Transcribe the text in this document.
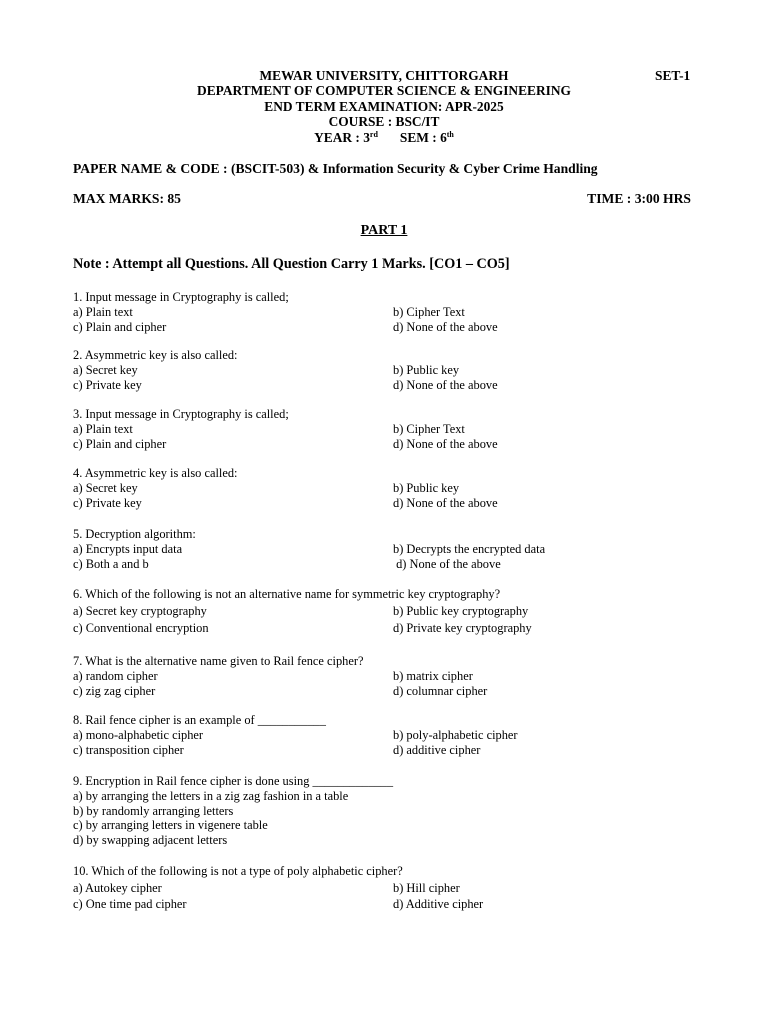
MEWAR UNIVERSITY, CHITTORGARH
DEPARTMENT OF COMPUTER SCIENCE & ENGINEERING
END TERM EXAMINATION: APR-2025
COURSE : BSC/IT
YEAR : 3rd SEM : 6th
SET-1
PAPER NAME & CODE : (BSCIT-503) & Information Security & Cyber Crime Handling
MAX MARKS: 85	TIME : 3:00 HRS
PART 1
Note : Attempt all Questions. All Question Carry 1 Marks. [CO1 – CO5]
1. Input message in Cryptography is called;
a) Plain text	b) Cipher Text
c) Plain and cipher	d) None of the above
2. Asymmetric key is also called:
a) Secret key	b) Public key
c) Private key	d) None of the above
3. Input message in Cryptography is called;
a) Plain text	b) Cipher Text
c) Plain and cipher	d) None of the above
4. Asymmetric key is also called:
a) Secret key	b) Public key
c) Private key	d) None of the above
5. Decryption algorithm:
a) Encrypts input data	b) Decrypts the encrypted data
c) Both a and b	d) None of the above
6. Which of the following is not an alternative name for symmetric key cryptography?
a) Secret key cryptography	b) Public key cryptography
c) Conventional encryption	d) Private key cryptography
7. What is the alternative name given to Rail fence cipher?
a) random cipher	b) matrix cipher
c) zig zag cipher	d) columnar cipher
8. Rail fence cipher is an example of ___________
a) mono-alphabetic cipher	b) poly-alphabetic cipher
c) transposition cipher	d) additive cipher
9. Encryption in Rail fence cipher is done using _____________
a) by arranging the letters in a zig zag fashion in a table
b) by randomly arranging letters
c) by arranging letters in vigenere table
d) by swapping adjacent letters
10. Which of the following is not a type of poly alphabetic cipher?
a) Autokey cipher	b) Hill cipher
c) One time pad cipher	d) Additive cipher
